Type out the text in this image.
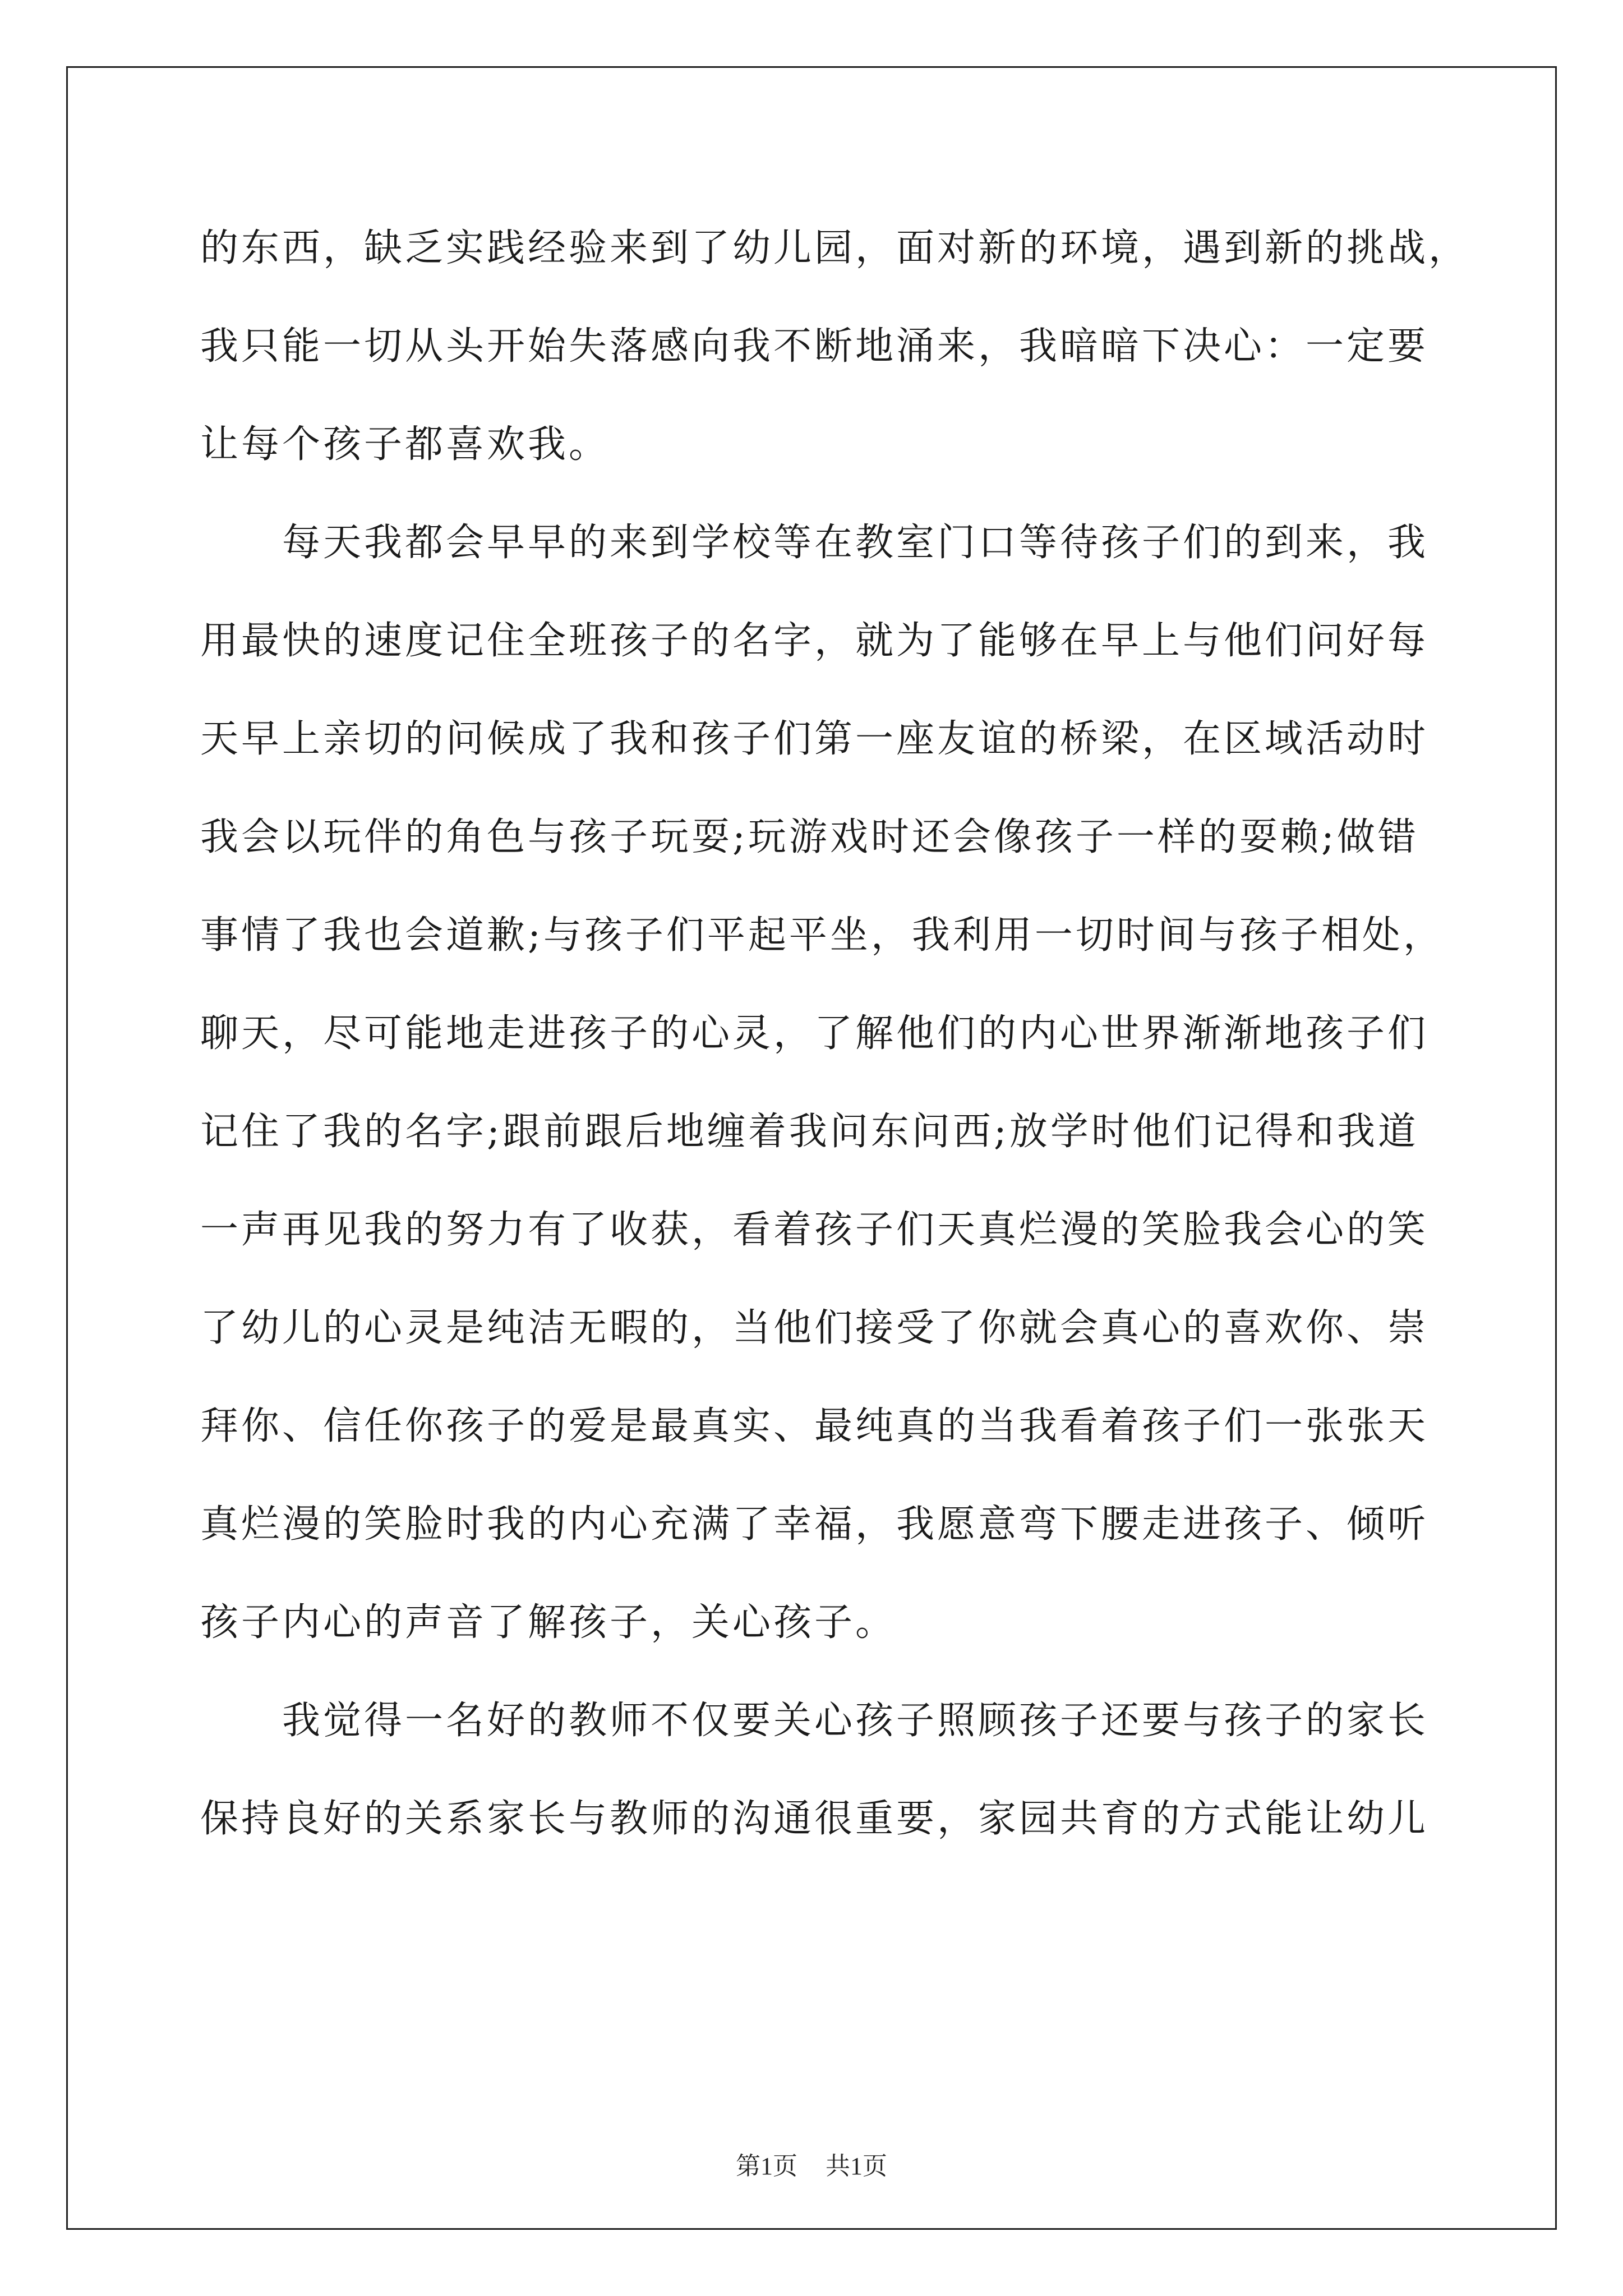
的东西，缺乏实践经验来到了幼儿园，面对新的环境，遇到新的挑战，

我只能一切从头开始失落感向我不断地涌来，我暗暗下决心：一定要

让每个孩子都喜欢我。

　　每天我都会早早的来到学校等在教室门口等待孩子们的到来，我

用最快的速度记住全班孩子的名字，就为了能够在早上与他们问好每

天早上亲切的问候成了我和孩子们第一座友谊的桥梁，在区域活动时

我会以玩伴的角色与孩子玩耍;玩游戏时还会像孩子一样的耍赖;做错

事情了我也会道歉;与孩子们平起平坐，我利用一切时间与孩子相处，

聊天，尽可能地走进孩子的心灵，了解他们的内心世界渐渐地孩子们

记住了我的名字;跟前跟后地缠着我问东问西;放学时他们记得和我道

一声再见我的努力有了收获，看着孩子们天真烂漫的笑脸我会心的笑

了幼儿的心灵是纯洁无暇的，当他们接受了你就会真心的喜欢你、崇

拜你、信任你孩子的爱是最真实、最纯真的当我看着孩子们一张张天

真烂漫的笑脸时我的内心充满了幸福，我愿意弯下腰走进孩子、倾听

孩子内心的声音了解孩子，关心孩子。

　　我觉得一名好的教师不仅要关心孩子照顾孩子还要与孩子的家长

保持良好的关系家长与教师的沟通很重要，家园共育的方式能让幼儿

第1页 共1页
